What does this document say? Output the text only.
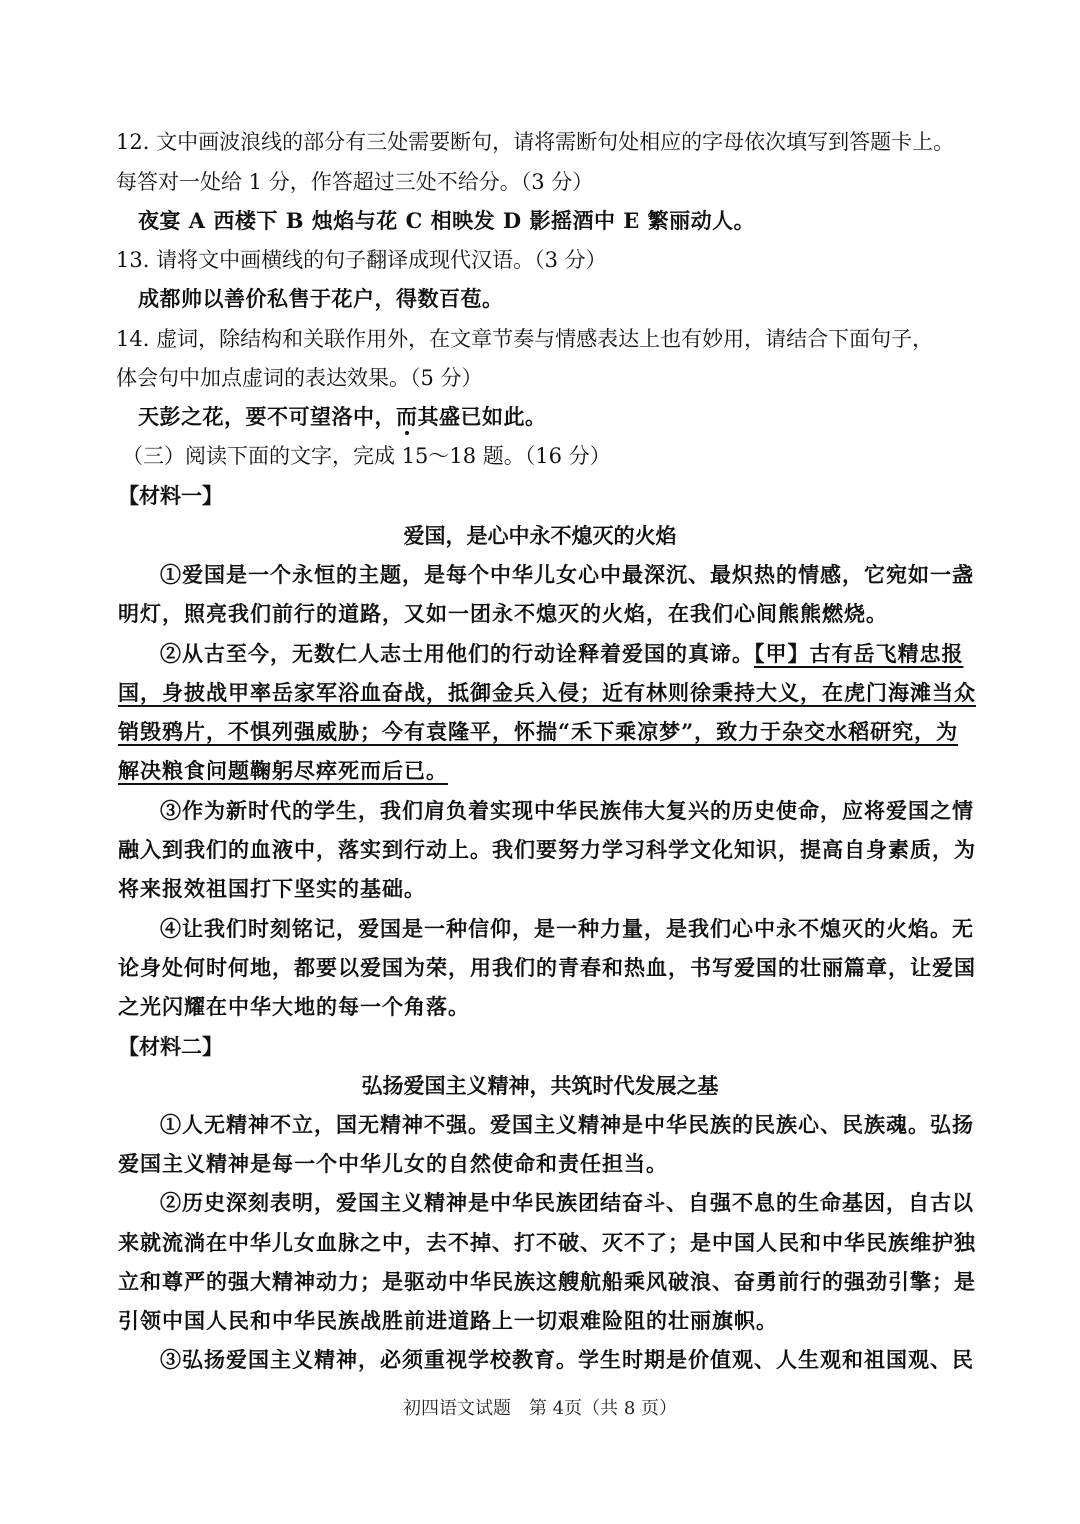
12. 文中画波浪线的部分有三处需要断句，请将需断句处相应的字母依次填写到答题卡上。
每答对一处给 1 分，作答超过三处不给分。（3 分）
夜宴 A 西楼下 B 烛焰与花 C 相映发 D 影摇酒中 E 繁丽动人。
13. 请将文中画横线的句子翻译成现代汉语。（3 分）
成都帅以善价私售于花户，得数百苞。
14. 虚词，除结构和关联作用外，在文章节奏与情感表达上也有妙用，请结合下面句子，
体会句中加点虚词的表达效果。（5 分）
天彭之花，要不可望洛中，而其盛已如此。
（三）阅读下面的文字，完成 15～18 题。（16 分）
【材料一】
爱国，是心中永不熄灭的火焰
①爱国是一个永恒的主题，是每个中华儿女心中最深沉、最炽热的情感，它宛如一盏
明灯，照亮我们前行的道路，又如一团永不熄灭的火焰，在我们心间熊熊燃烧。
②从古至今，无数仁人志士用他们的行动诠释着爱国的真谛。【甲】古有岳飞精忠报
国，身披战甲率岳家军浴血奋战，抵御金兵入侵；近有林则徐秉持大义，在虎门海滩当众
销毁鸦片，不惧列强威胁；今有袁隆平，怀揣“禾下乘凉梦”，致力于杂交水稻研究，为
解决粮食问题鞠躬尽瘁死而后已。
③作为新时代的学生，我们肩负着实现中华民族伟大复兴的历史使命，应将爱国之情
融入到我们的血液中，落实到行动上。我们要努力学习科学文化知识，提高自身素质，为
将来报效祖国打下坚实的基础。
④让我们时刻铭记，爱国是一种信仰，是一种力量，是我们心中永不熄灭的火焰。无
论身处何时何地，都要以爱国为荣，用我们的青春和热血，书写爱国的壮丽篇章，让爱国
之光闪耀在中华大地的每一个角落。
【材料二】
弘扬爱国主义精神，共筑时代发展之基
①人无精神不立，国无精神不强。爱国主义精神是中华民族的民族心、民族魂。弘扬
爱国主义精神是每一个中华儿女的自然使命和责任担当。
②历史深刻表明，爱国主义精神是中华民族团结奋斗、自强不息的生命基因，自古以
来就流淌在中华儿女血脉之中，去不掉、打不破、灭不了；是中国人民和中华民族维护独
立和尊严的强大精神动力；是驱动中华民族这艘航船乘风破浪、奋勇前行的强劲引擎；是
引领中国人民和中华民族战胜前进道路上一切艰难险阻的壮丽旗帜。
③弘扬爱国主义精神，必须重视学校教育。学生时期是价值观、人生观和祖国观、民
初四语文试题　第 4页（共 8 页）
